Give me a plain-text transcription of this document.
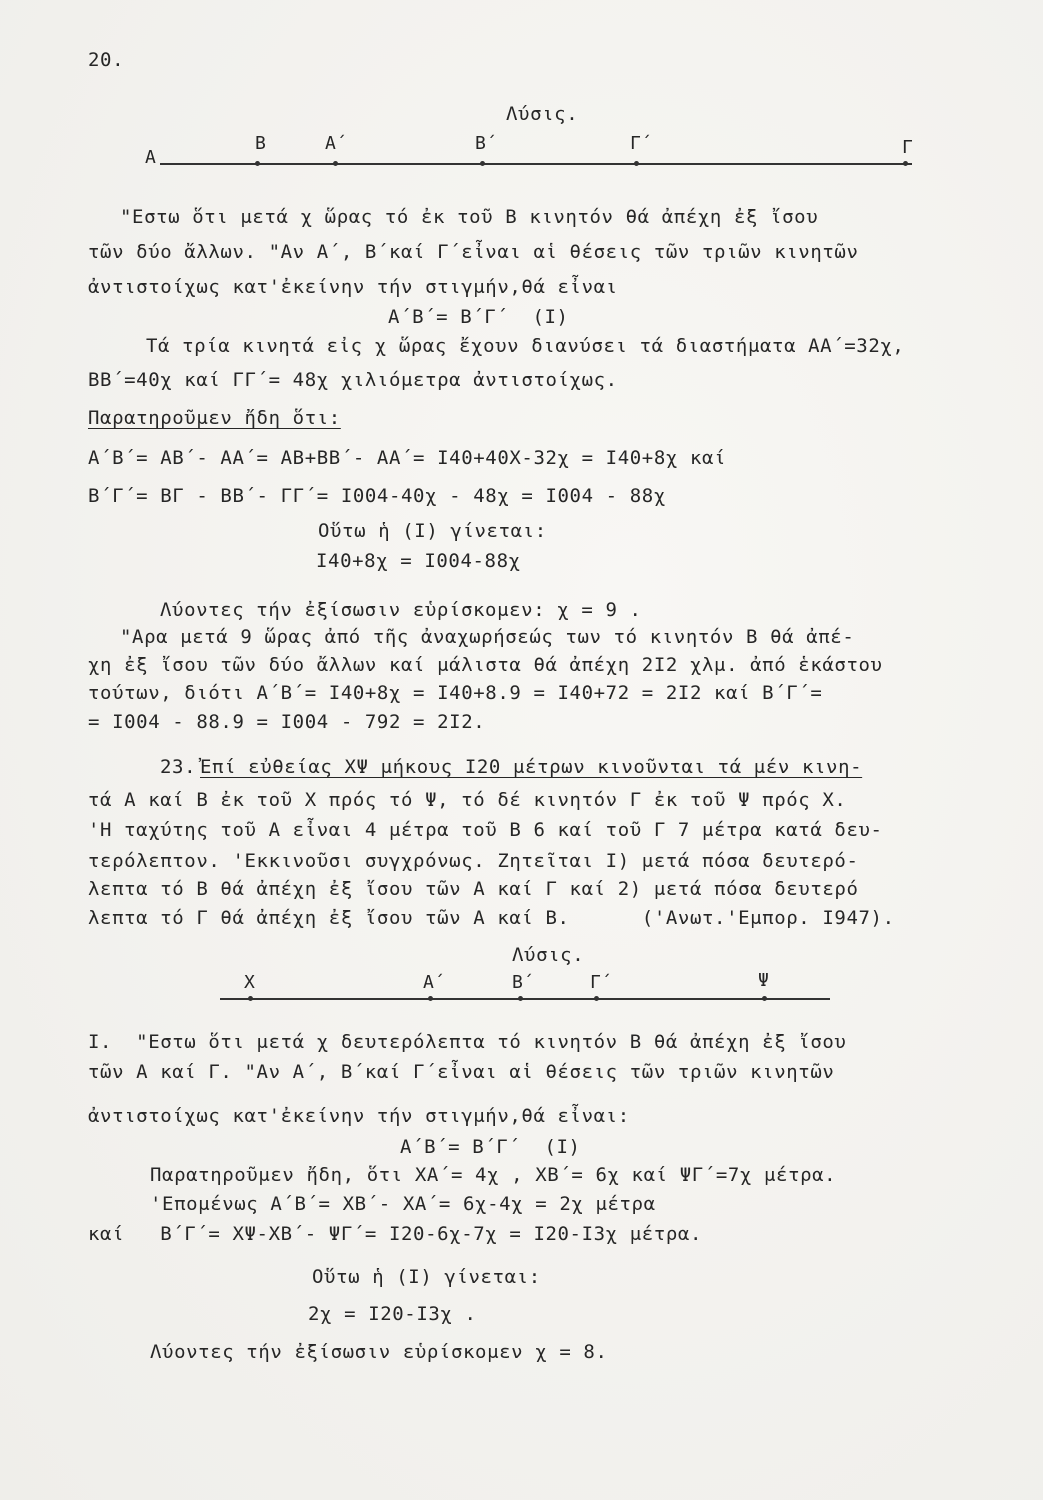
20.
Λύσις.
Α
Β	Α΄	Β΄	Γ΄	Γ
"Εστω ὅτι μετά χ ὥρας τό ἐκ τοῦ Β κινητόν θά ἀπέχη ἐξ ἴσου
τῶν δύο ἄλλων. "Αν Α΄, Β΄καί Γ΄εἶναι αἱ θέσεις τῶν τριῶν κινητῶν
ἀντιστοίχως κατ'ἐκείνην τήν στιγμήν,θά εἶναι
Α΄Β΄= Β΄Γ΄  (Ι)
Τά τρία κινητά εἰς χ ὥρας ἔχουν διανύσει τά διαστήματα ΑΑ΄=32χ,
ΒΒ΄=40χ καί ΓΓ΄= 48χ χιλιόμετρα ἀντιστοίχως.
Παρατηροῦμεν ἤδη ὅτι:
Α΄Β΄= ΑΒ΄- ΑΑ΄= ΑΒ+ΒΒ΄- ΑΑ΄= Ι40+40Χ-32χ = Ι40+8χ καί
Β΄Γ΄= ΒΓ - ΒΒ΄- ΓΓ΄= Ι004-40χ - 48χ = Ι004 - 88χ
Οὕτω ἡ (Ι) γίνεται:
Ι40+8χ = Ι004-88χ
Λύοντες τήν ἐξίσωσιν εὑρίσκομεν: χ = 9 .
"Αρα μετά 9 ὥρας ἀπό τῆς ἀναχωρήσεώς των τό κινητόν Β θά ἀπέ-
χη ἐξ ἴσου τῶν δύο ἄλλων καί μάλιστα θά ἀπέχη 2Ι2 χλμ. ἀπό ἑκάστου
τούτων, διότι Α΄Β΄= Ι40+8χ = Ι40+8.9 = Ι40+72 = 2Ι2 καί Β΄Γ΄=
= Ι004 - 88.9 = Ι004 - 792 = 2Ι2.
23. Ἐπί εὐθείας ΧΨ μήκους Ι20 μέτρων κινοῦνται τά μέν κινη-
τά Α καί Β ἐκ τοῦ Χ πρός τό Ψ, τό δέ κινητόν Γ ἐκ τοῦ Ψ πρός Χ.
'Η ταχύτης τοῦ Α εἶναι 4 μέτρα τοῦ Β 6 καί τοῦ Γ 7 μέτρα κατά δευ-
τερόλεπτον. 'Εκκινοῦσι συγχρόνως. Ζητεῖται Ι) μετά πόσα δευτερό-
λεπτα τό Β θά ἀπέχη ἐξ ἴσου τῶν Α καί Γ καί 2) μετά πόσα δευτερό
λεπτα τό Γ θά ἀπέχη ἐξ ἴσου τῶν Α καί Β.      ('Ανωτ.'Εμπορ. Ι947).
Λύσις.
Χ	Α΄	Β΄	Γ΄	Ψ
Ι.  "Εστω ὅτι μετά χ δευτερόλεπτα τό κινητόν Β θά ἀπέχη ἐξ ἴσου
τῶν Α καί Γ. "Αν Α΄, Β΄καί Γ΄εἶναι αἱ θέσεις τῶν τριῶν κινητῶν
ἀντιστοίχως κατ'ἐκείνην τήν στιγμήν,θά εἶναι:
Α΄Β΄= Β΄Γ΄  (Ι)
Παρατηροῦμεν ἤδη, ὅτι ΧΑ΄= 4χ , ΧΒ΄= 6χ καί ΨΓ΄=7χ μέτρα.
'Επομένως Α΄Β΄= ΧΒ΄- ΧΑ΄= 6χ-4χ = 2χ μέτρα
καί   Β΄Γ΄= ΧΨ-ΧΒ΄- ΨΓ΄= Ι20-6χ-7χ = Ι20-Ι3χ μέτρα.
Οὕτω ἡ (Ι) γίνεται:
2χ = Ι20-Ι3χ .
Λύοντες τήν ἐξίσωσιν εὑρίσκομεν χ = 8.
